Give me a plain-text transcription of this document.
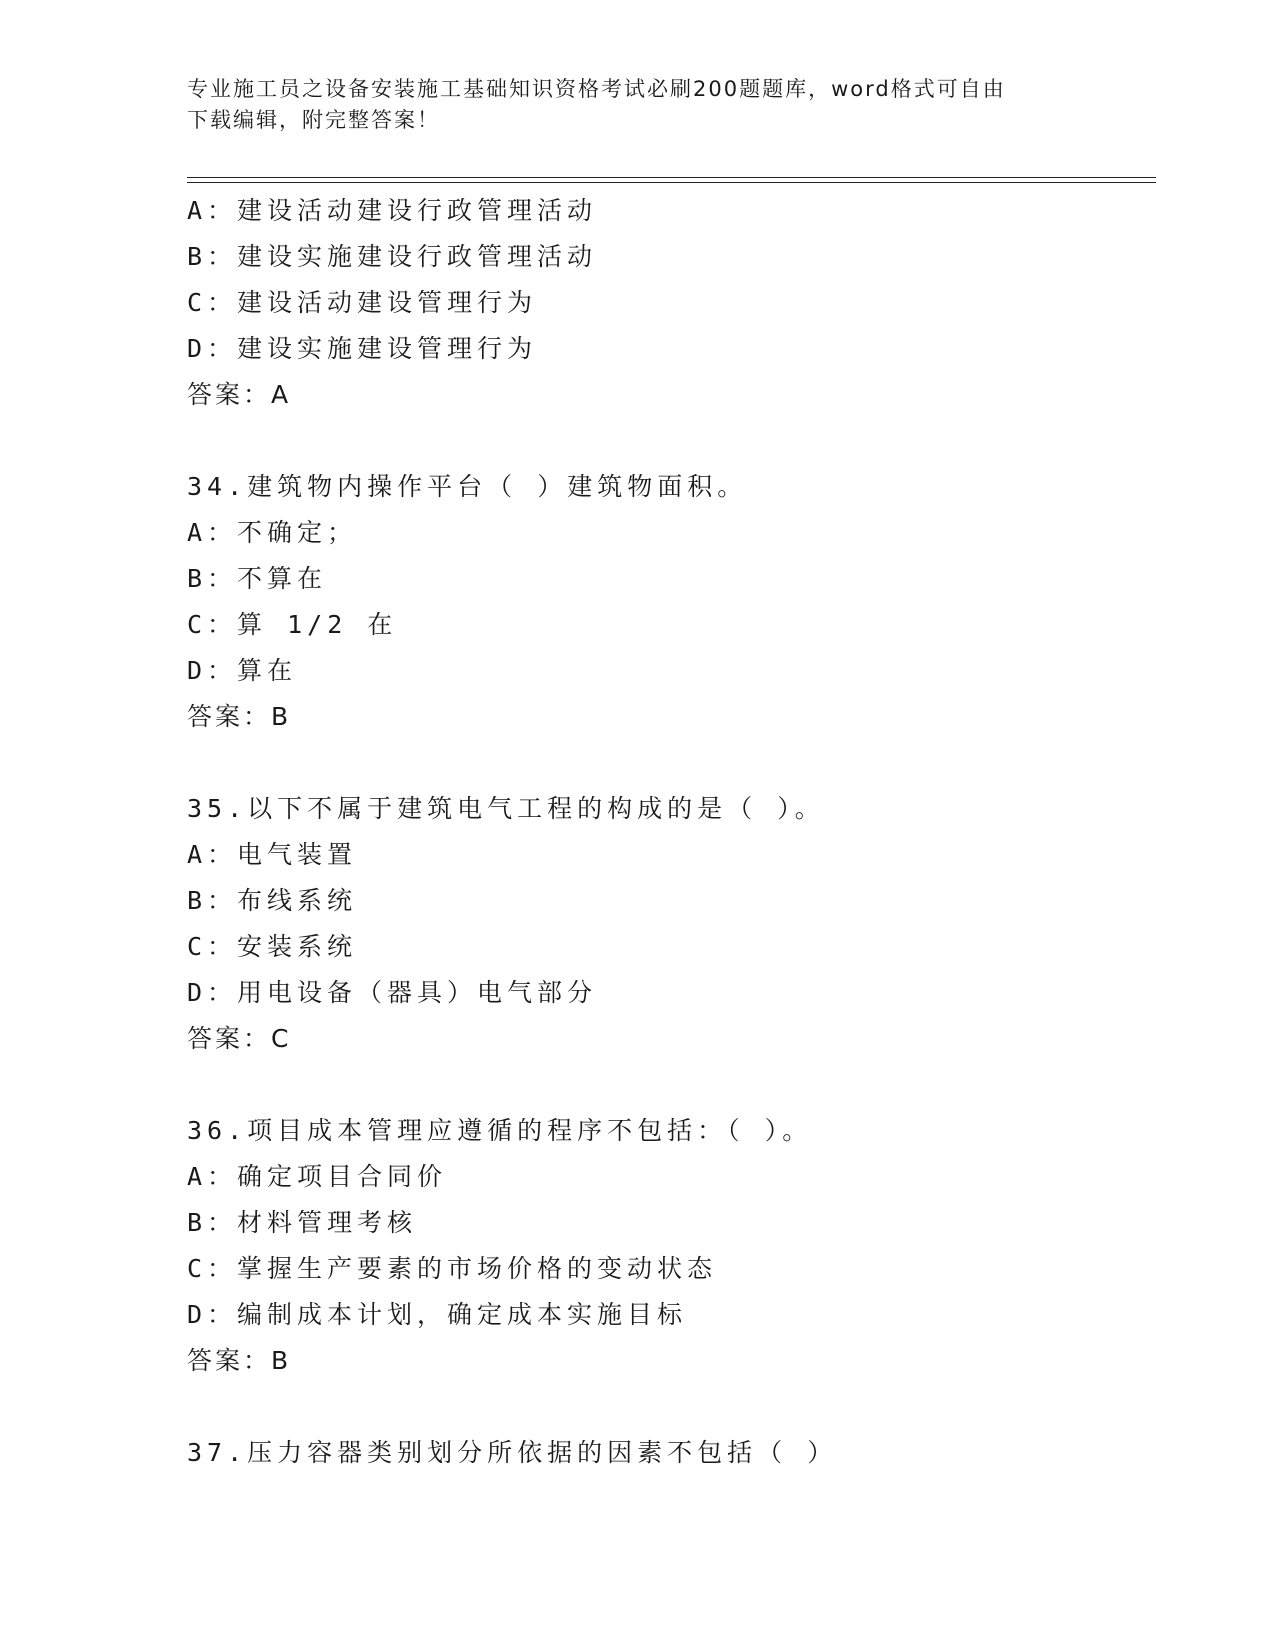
专业施工员之设备安装施工基础知识资格考试必刷200题题库，word格式可自由
下载编辑，附完整答案！
A：建设活动建设行政管理活动
B：建设实施建设行政管理活动
C：建设活动建设管理行为
D：建设实施建设管理行为
答案：A
34.建筑物内操作平台（ ）建筑物面积。
A：不确定；
B：不算在
C：算 1/2 在
D：算在
答案：B
35.以下不属于建筑电气工程的构成的是（ ）。
A：电气装置
B：布线系统
C：安装系统
D：用电设备（器具）电气部分
答案：C
36.项目成本管理应遵循的程序不包括：（ ）。
A：确定项目合同价
B：材料管理考核
C：掌握生产要素的市场价格的变动状态
D：编制成本计划，确定成本实施目标
答案：B
37.压力容器类别划分所依据的因素不包括（ ）
